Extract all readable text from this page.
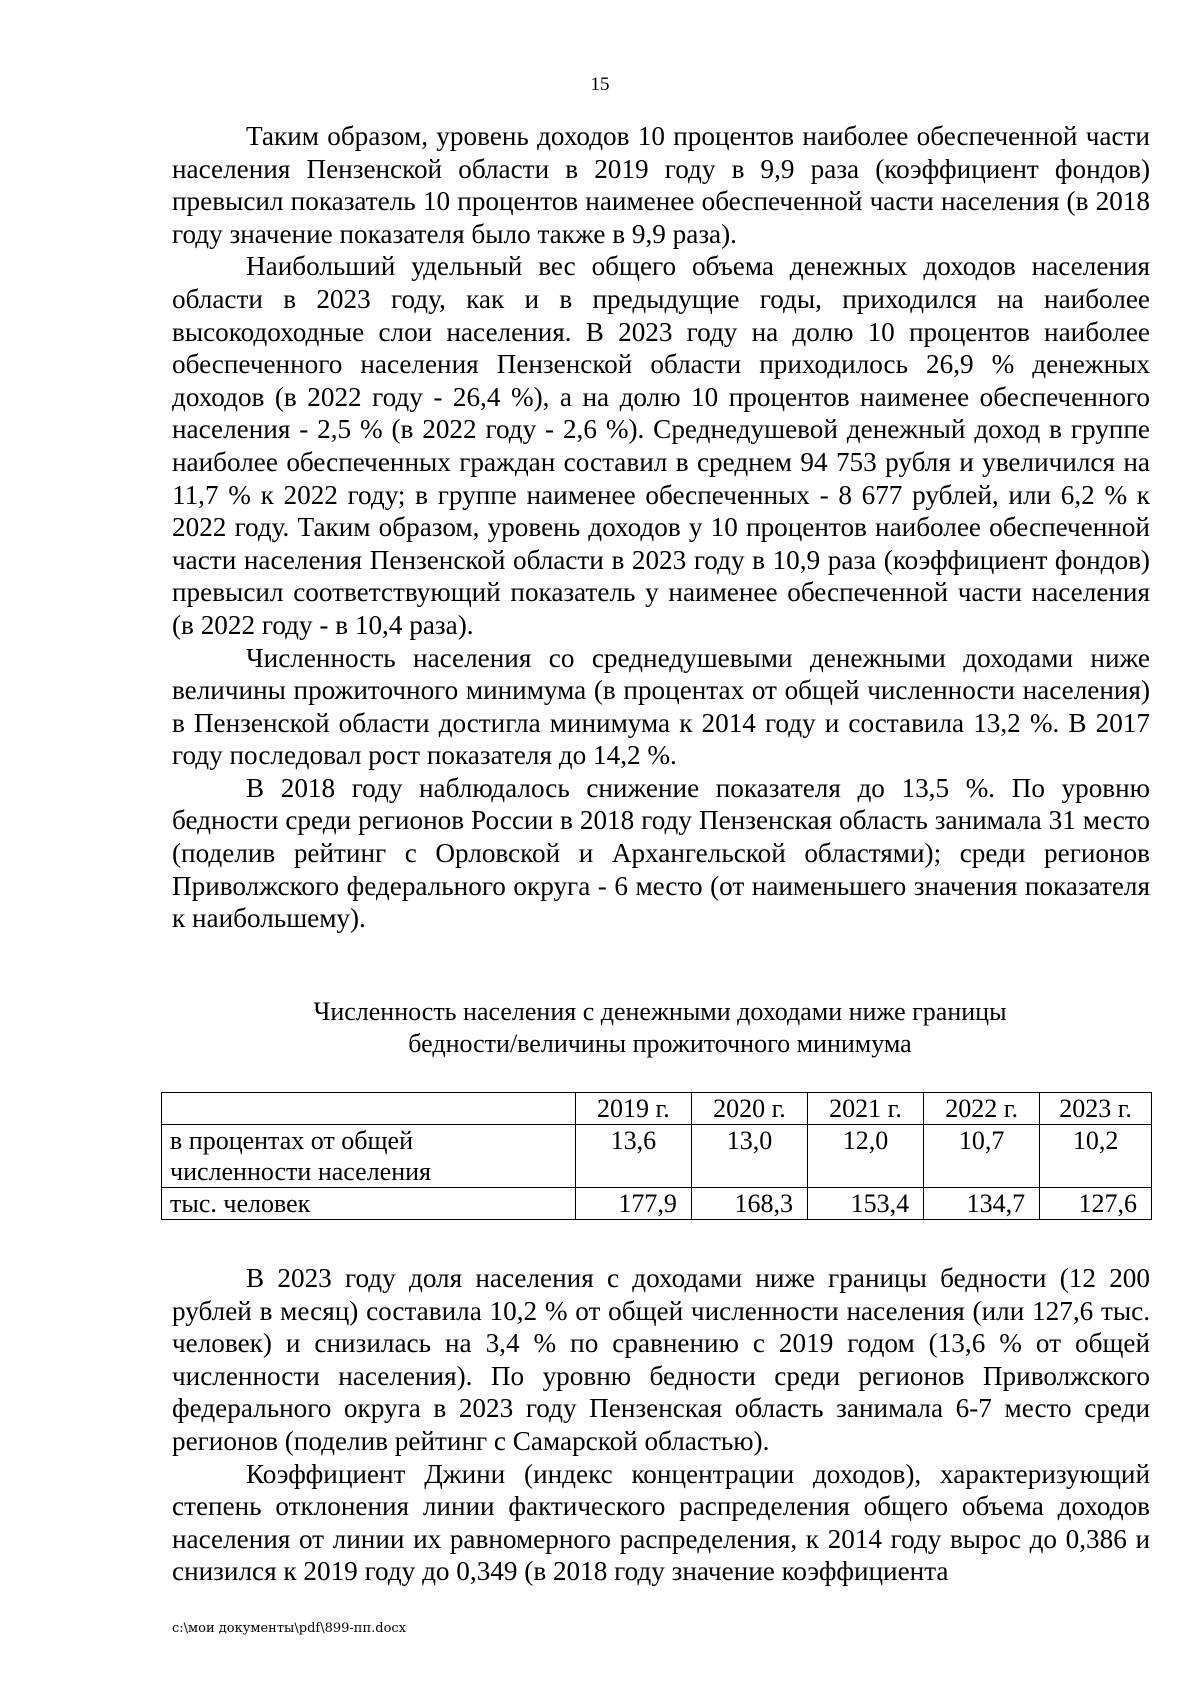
15

Таким образом, уровень доходов 10 процентов наиболее обеспеченной части населения Пензенской области в 2019 году в 9,9 раза (коэффициент фондов) превысил показатель 10 процентов наименее обеспеченной части населения (в 2018 году значение показателя было также в 9,9 раза).

Наибольший удельный вес общего объема денежных доходов населения области в 2023 году, как и в предыдущие годы, приходился на наиболее высокодоходные слои населения. В 2023 году на долю 10 процентов наиболее обеспеченного населения Пензенской области приходилось 26,9 % денежных доходов (в 2022 году - 26,4 %), а на долю 10 процентов наименее обеспеченного населения - 2,5 % (в 2022 году - 2,6 %). Среднедушевой денежный доход в группе наиболее обеспеченных граждан составил в среднем 94 753 рубля и увеличился на 11,7 % к 2022 году; в группе наименее обеспеченных - 8 677 рублей, или 6,2 % к 2022 году. Таким образом, уровень доходов у 10 процентов наиболее обеспеченной части населения Пензенской области в 2023 году в 10,9 раза (коэффициент фондов) превысил соответствующий показатель у наименее обеспеченной части населения (в 2022 году - в 10,4 раза).

Численность населения со среднедушевыми денежными доходами ниже величины прожиточного минимума (в процентах от общей численности населения) в Пензенской области достигла минимума к 2014 году и составила 13,2 %. В 2017 году последовал рост показателя до 14,2 %.

В 2018 году наблюдалось снижение показателя до 13,5 %. По уровню бедности среди регионов России в 2018 году Пензенская область занимала 31 место (поделив рейтинг с Орловской и Архангельской областями); среди регионов Приволжского федерального округа - 6 место (от наименьшего значения показателя к наибольшему).

Численность населения с денежными доходами ниже границы

бедности/величины прожиточного минимума

	2019 г.	2020 г.	2021 г.	2022 г.	2023 г.

в процентах от общей
численности населения	13,6	13,0	12,0	10,7	10,2
тыс. человек	177,9	168,3	153,4	134,7	127,6

В 2023 году доля населения с доходами ниже границы бедности (12 200 рублей в месяц) составила 10,2 % от общей численности населения (или 127,6 тыс. человек) и снизилась на 3,4 % по сравнению с 2019 годом (13,6 % от общей численности населения). По уровню бедности среди регионов Приволжского федерального округа в 2023 году Пензенская область занимала 6-7 место среди регионов (поделив рейтинг с Самарской областью).

Коэффициент Джини (индекс концентрации доходов), характеризующий степень отклонения линии фактического распределения общего объема доходов населения от линии их равномерного распределения, к 2014 году вырос до 0,386 и снизился к 2019 году до 0,349 (в 2018 году значение коэффициента

c:\мои документы\pdf\899-пп.docx
